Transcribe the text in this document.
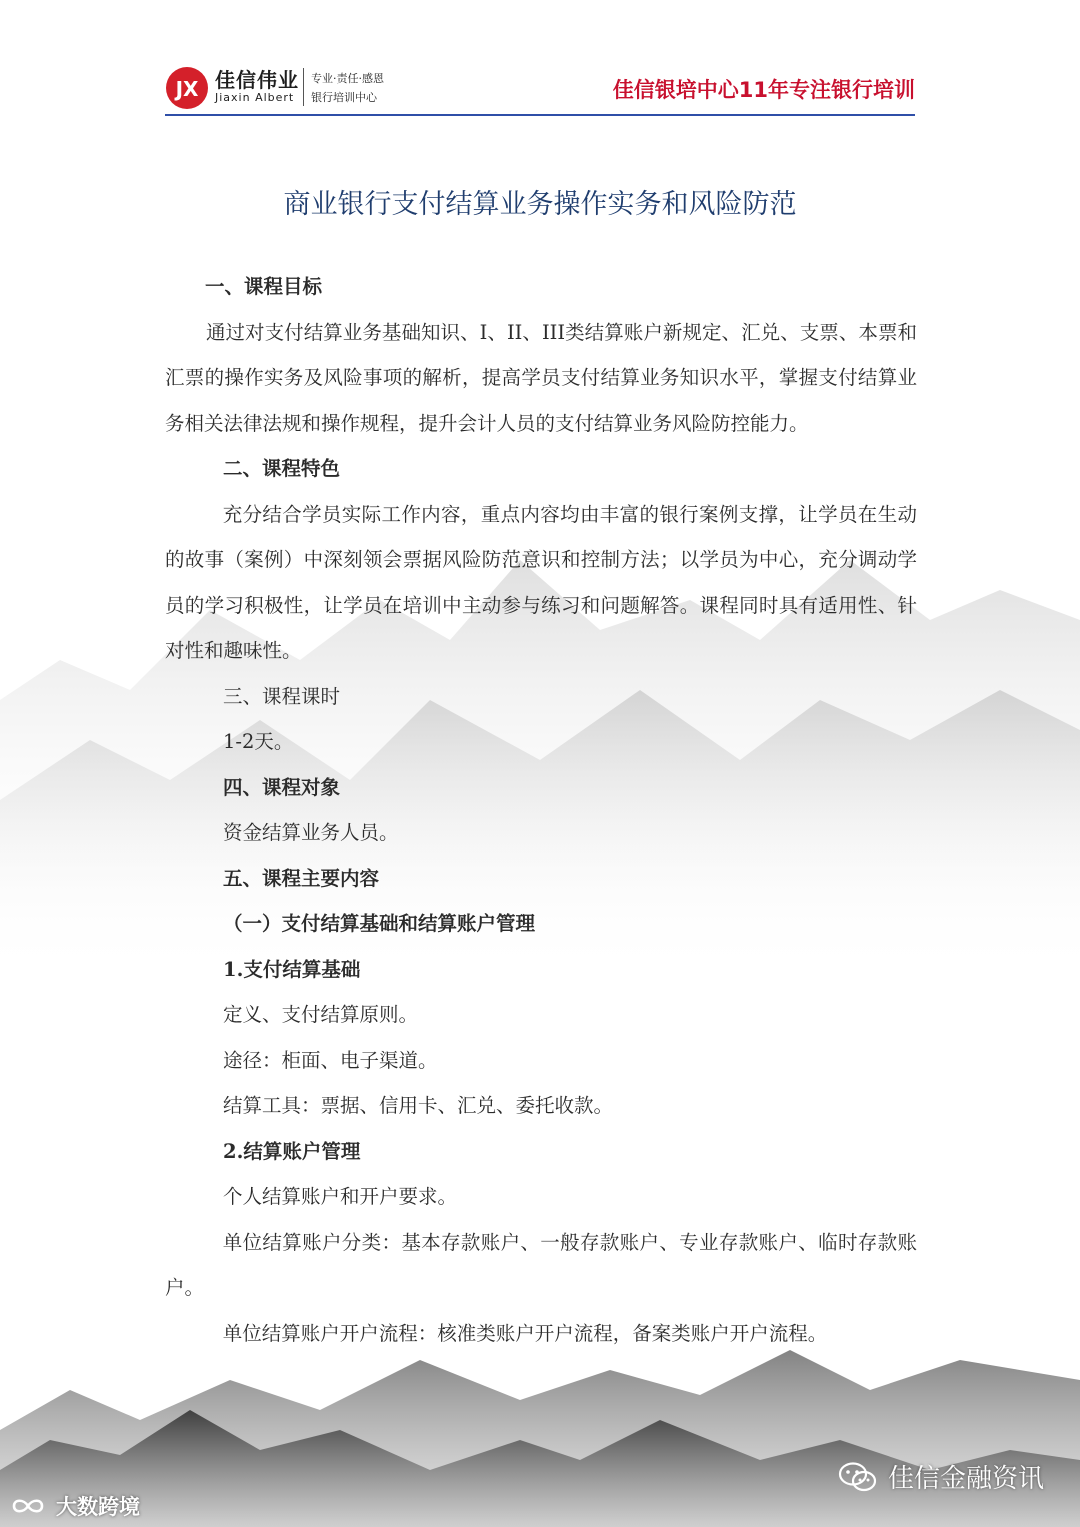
JX 佳信伟业

Jiaxin Albert

专业·责任·感恩

银行培训中心	佳信银培中心11年专注银行培训

商业银行支付结算业务操作实务和风险防范

一、课程目标

通过对支付结算业务基础知识、I、II、III类结算账户新规定、汇兑、支票、本票和汇票的操作实务及风险事项的解析，提高学员支付结算业务知识水平，掌握支付结算业务相关法律法规和操作规程，提升会计人员的支付结算业务风险防控能力。

二、课程特色

充分结合学员实际工作内容，重点内容均由丰富的银行案例支撑，让学员在生动的故事（案例）中深刻领会票据风险防范意识和控制方法；以学员为中心，充分调动学员的学习积极性，让学员在培训中主动参与练习和问题解答。课程同时具有适用性、针对性和趣味性。

三、课程课时

1-2天。

四、课程对象

资金结算业务人员。

五、课程主要内容

（一）支付结算基础和结算账户管理

1.支付结算基础

定义、支付结算原则。

途径：柜面、电子渠道。

结算工具：票据、信用卡、汇兑、委托收款。

2.结算账户管理

个人结算账户和开户要求。

单位结算账户分类：基本存款账户、一般存款账户、专业存款账户、临时存款账户。

单位结算账户开户流程：核准类账户开户流程，备案类账户开户流程。

佳信金融资讯
大数跨境
